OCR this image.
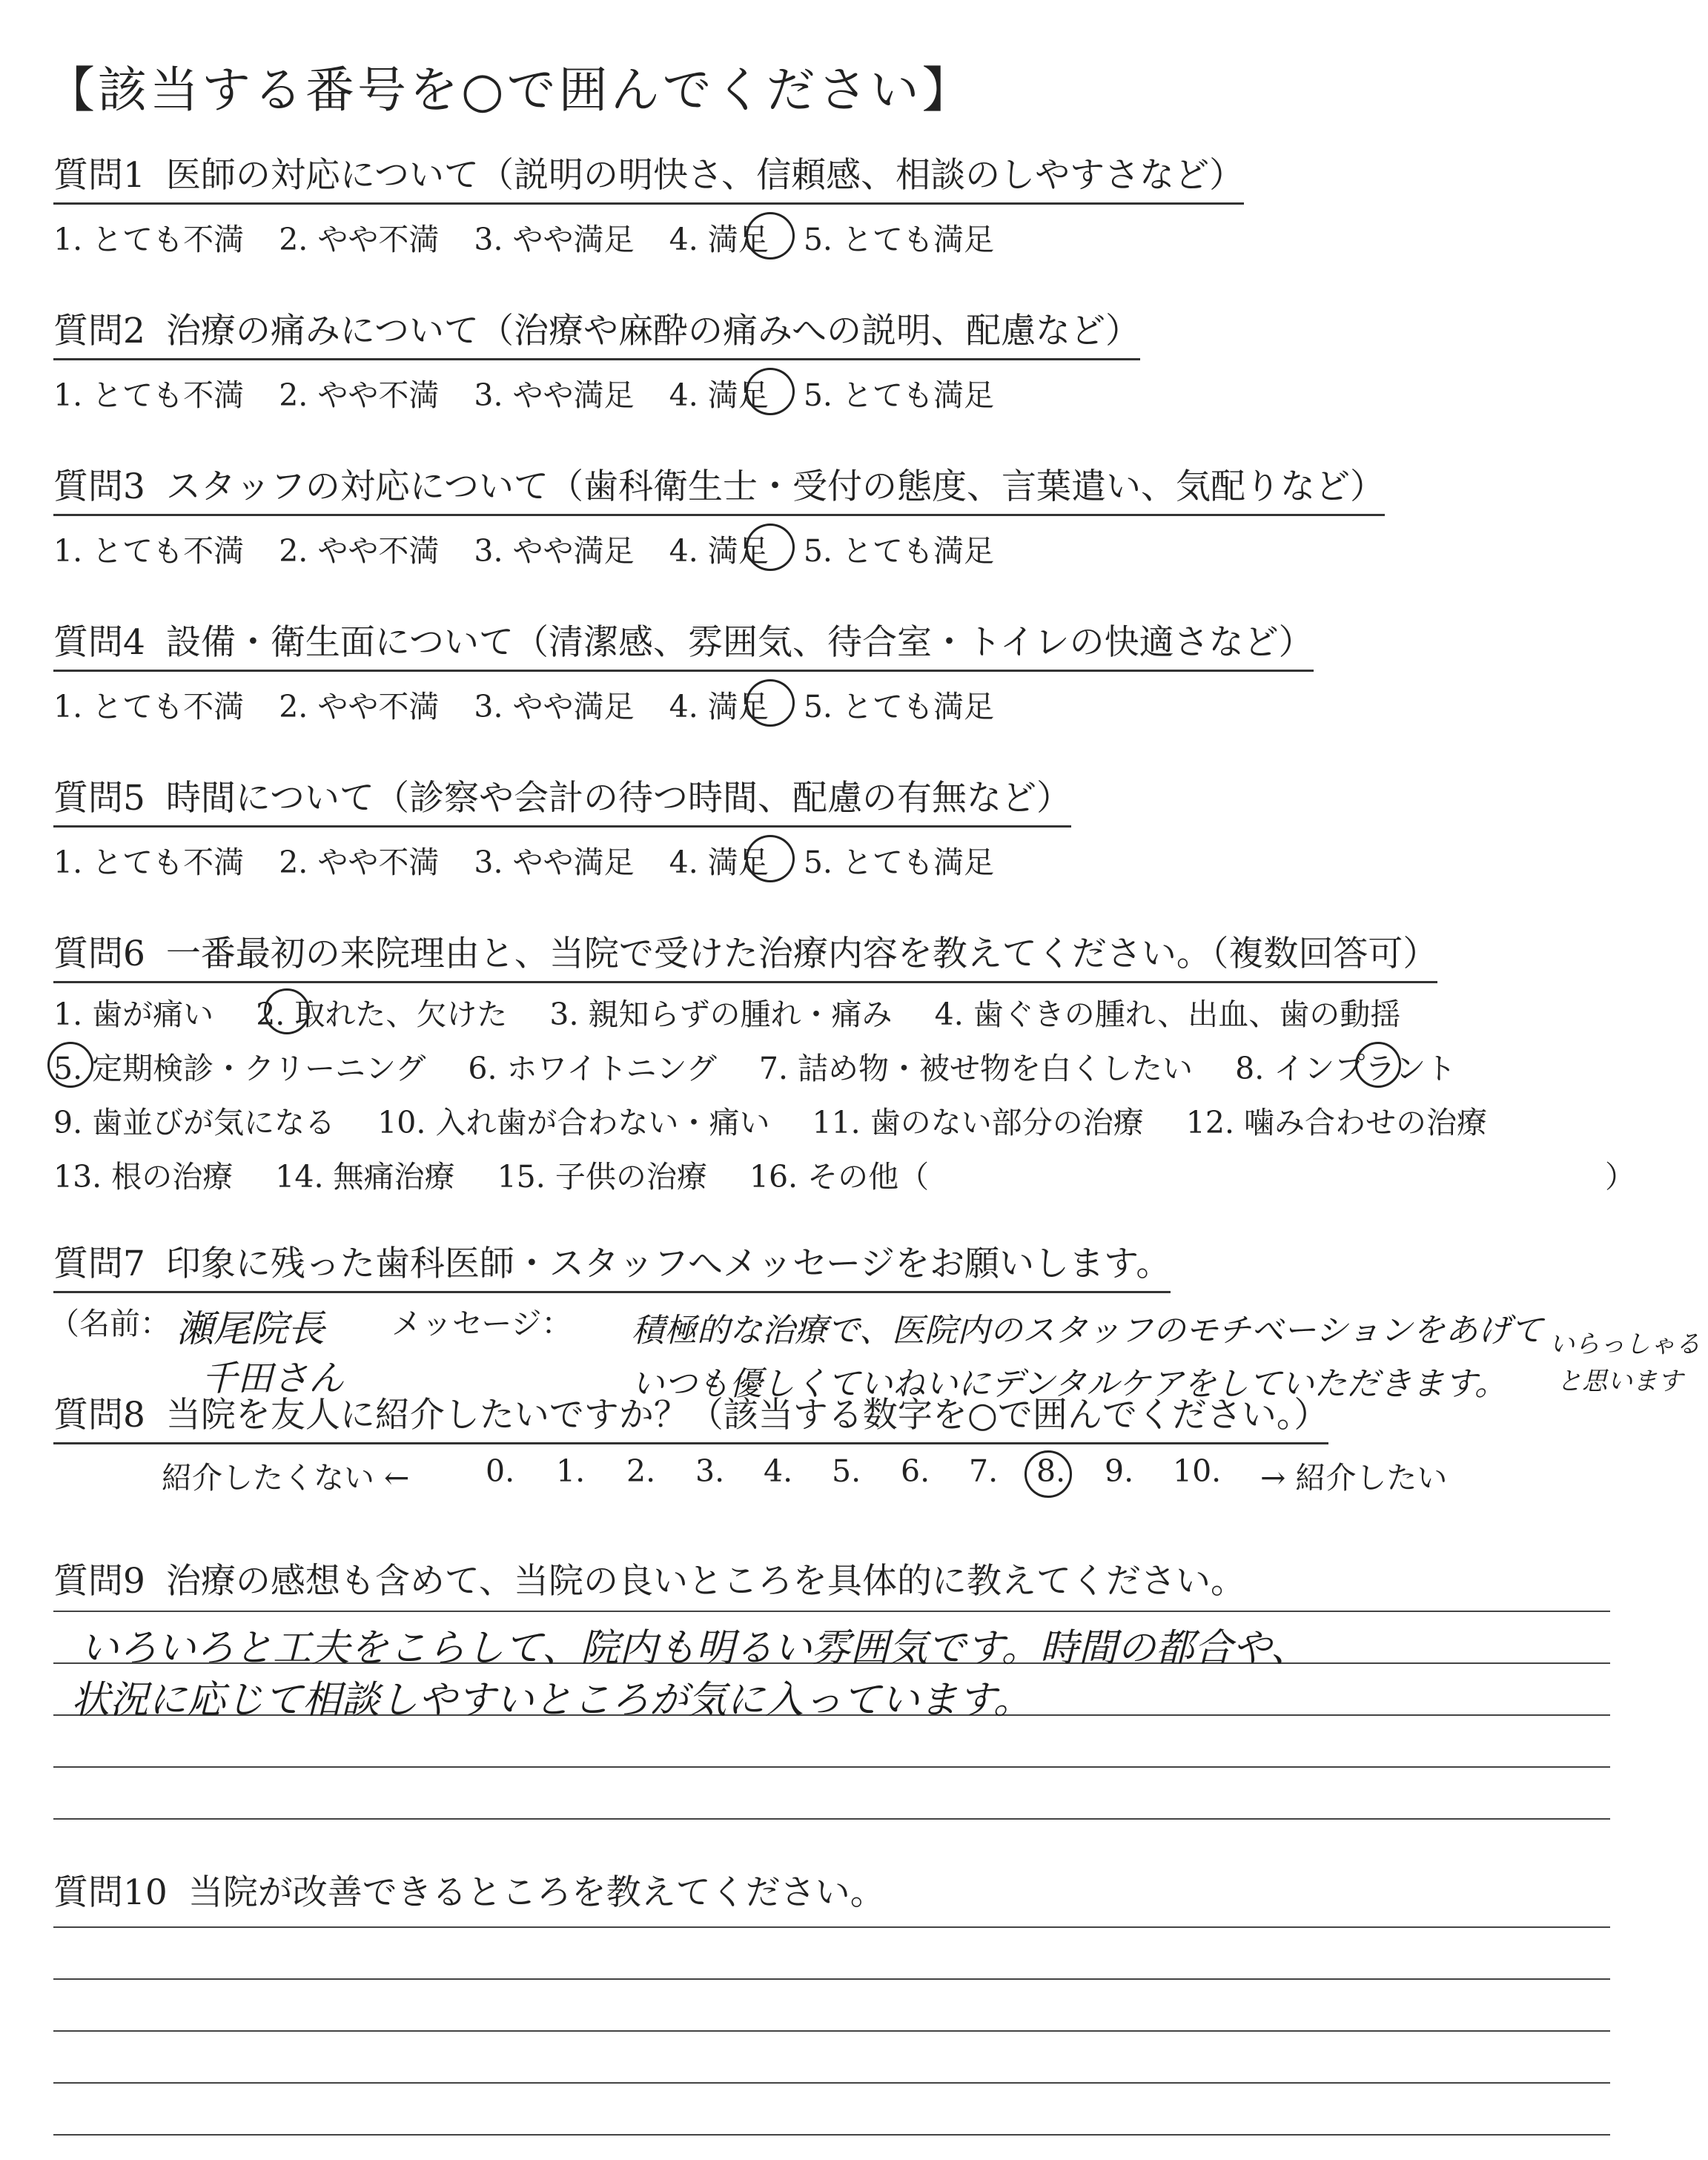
【該当する番号を○で囲んでください】
質問1 医師の対応について（説明の明快さ、信頼感、相談のしやすさなど）
1. とても不満 2. やや不満 3. やや満足 4. 満足 5. とても満足
質問2 治療の痛みについて（治療や麻酔の痛みへの説明、配慮など）
1. とても不満 2. やや不満 3. やや満足 4. 満足 5. とても満足
質問3 スタッフの対応について（歯科衛生士・受付の態度、言葉遣い、気配りなど）
1. とても不満 2. やや不満 3. やや満足 4. 満足 5. とても満足
質問4 設備・衛生面について（清潔感、雰囲気、待合室・トイレの快適さなど）
1. とても不満 2. やや不満 3. やや満足 4. 満足 5. とても満足
質問5 時間について（診察や会計の待つ時間、配慮の有無など）
1. とても不満 2. やや不満 3. やや満足 4. 満足 5. とても満足
質問6 一番最初の来院理由と、当院で受けた治療内容を教えてください。（複数回答可）
1. 歯が痛い 2. 取れた、欠けた 3. 親知らずの腫れ・痛み 4. 歯ぐきの腫れ、出血、歯の動揺
5. 定期検診・クリーニング 6. ホワイトニング 7. 詰め物・被せ物を白くしたい 8. インプラント
9. 歯並びが気になる 10. 入れ歯が合わない・痛い 11. 歯のない部分の治療 12. 噛み合わせの治療
13. 根の治療 14. 無痛治療 15. 子供の治療 16. その他（	）
質問7 印象に残った歯科医師・スタッフへメッセージをお願いします。
（名前：	メッセージ：
瀬尾院長
千田さん
積極的な治療で、医院内のスタッフのモチベーションをあげて
いつも優しくていねいにデンタルケアをしていただきます。
いらっしゃる
と思います
質問8 当院を友人に紹介したいですか？（該当する数字を○で囲んでください。）
紹介したくない ←	0. 1. 2. 3. 4. 5. 6. 7. 8. 9. 10. → 紹介したい
質問9 治療の感想も含めて、当院の良いところを具体的に教えてください。
いろいろと工夫をこらして、院内も明るい雰囲気です。時間の都合や、
状況に応じて相談しやすいところが気に入っています。
質問10 当院が改善できるところを教えてください。
